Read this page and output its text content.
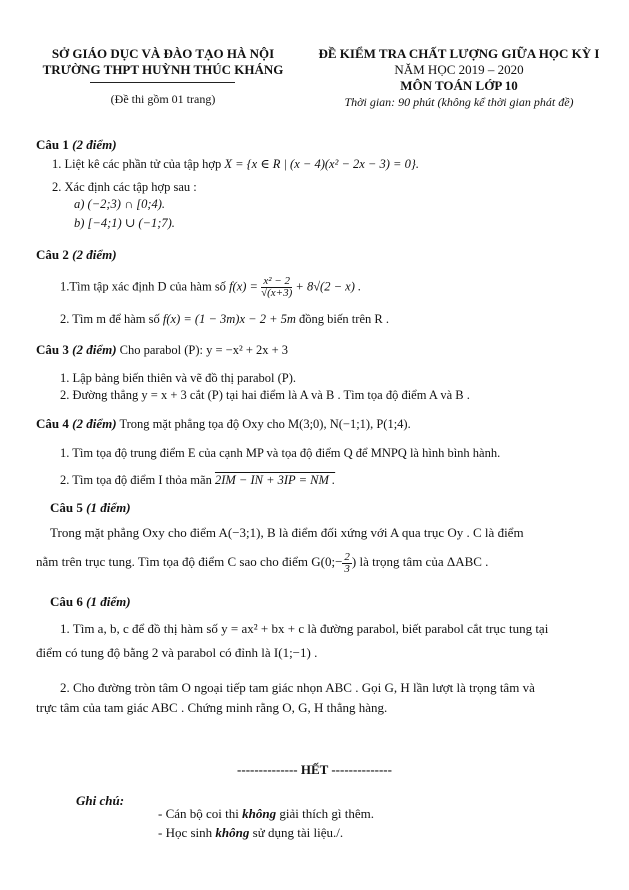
SỞ GIÁO DỤC VÀ ĐÀO TẠO HÀ NỘI
TRƯỜNG THPT HUỲNH THÚC KHÁNG
(Đề thi gồm 01 trang)
ĐỀ KIỂM TRA CHẤT LƯỢNG GIỮA HỌC KỲ I
NĂM HỌC 2019 – 2020
MÔN TOÁN LỚP 10
Thời gian: 90 phút (không kể thời gian phát đề)
Câu 1 (2 điểm)
1. Liệt kê các phần tử của tập hợp X = {x ∈ R | (x − 4)(x² − 2x − 3) = 0}.
2. Xác định các tập hợp sau :
a) (−2;3) ∩ [0;4).
b) [−4;1) ∪ (−1;7).
Câu 2 (2 điểm)
1.Tìm tập xác định D của hàm số $f(x) = \frac{\text{x² − 2}}{√(x+3)} + 8√(2 - x)$ .
2. Tìm m để hàm số f(x) = (1 − 3m)x − 2 + 5m đồng biến trên R .
Câu 3 (2 điểm) Cho parabol (P): y = −x² + 2x + 3
1. Lập bảng biến thiên và vẽ đồ thị parabol (P).
2. Đường thẳng y = x + 3 cắt (P) tại hai điểm là A và B . Tìm tọa độ điểm A và B .
Câu 4 (2 điểm) Trong mặt phẳng tọa độ Oxy cho M(3;0), N(−1;1), P(1;4).
1. Tìm tọa độ trung điểm E của cạnh MP và tọa độ điểm Q để MNPQ là hình bình hành.
2. Tìm tọa độ điểm I thỏa mãn 2IM − IN + 3IP = NM .
Câu 5 (1 điểm)
Trong mặt phẳng Oxy cho điểm A(−3;1), B là điểm đối xứng với A qua trục Oy . C là điểm
nằm trên trục tung. Tìm tọa độ điểm C sao cho điểm G(0;− $\frac{2}{3}$ ) là trọng tâm của ΔABC .
Câu 6 (1 điểm)
1. Tìm a, b, c để đồ thị hàm số y = ax² + bx + c là đường parabol, biết parabol cắt trục tung tại
điểm có tung độ bằng 2 và parabol có đỉnh là I(1;−1) .
2. Cho đường tròn tâm O ngoại tiếp tam giác nhọn ABC . Gọi G, H lần lượt là trọng tâm và
trực tâm của tam giác ABC . Chứng minh rằng O, G, H thẳng hàng.
-------------- HẾT --------------
Ghi chú:
- Cán bộ coi thi không giải thích gì thêm.
- Học sinh không sử dụng tài liệu./.
